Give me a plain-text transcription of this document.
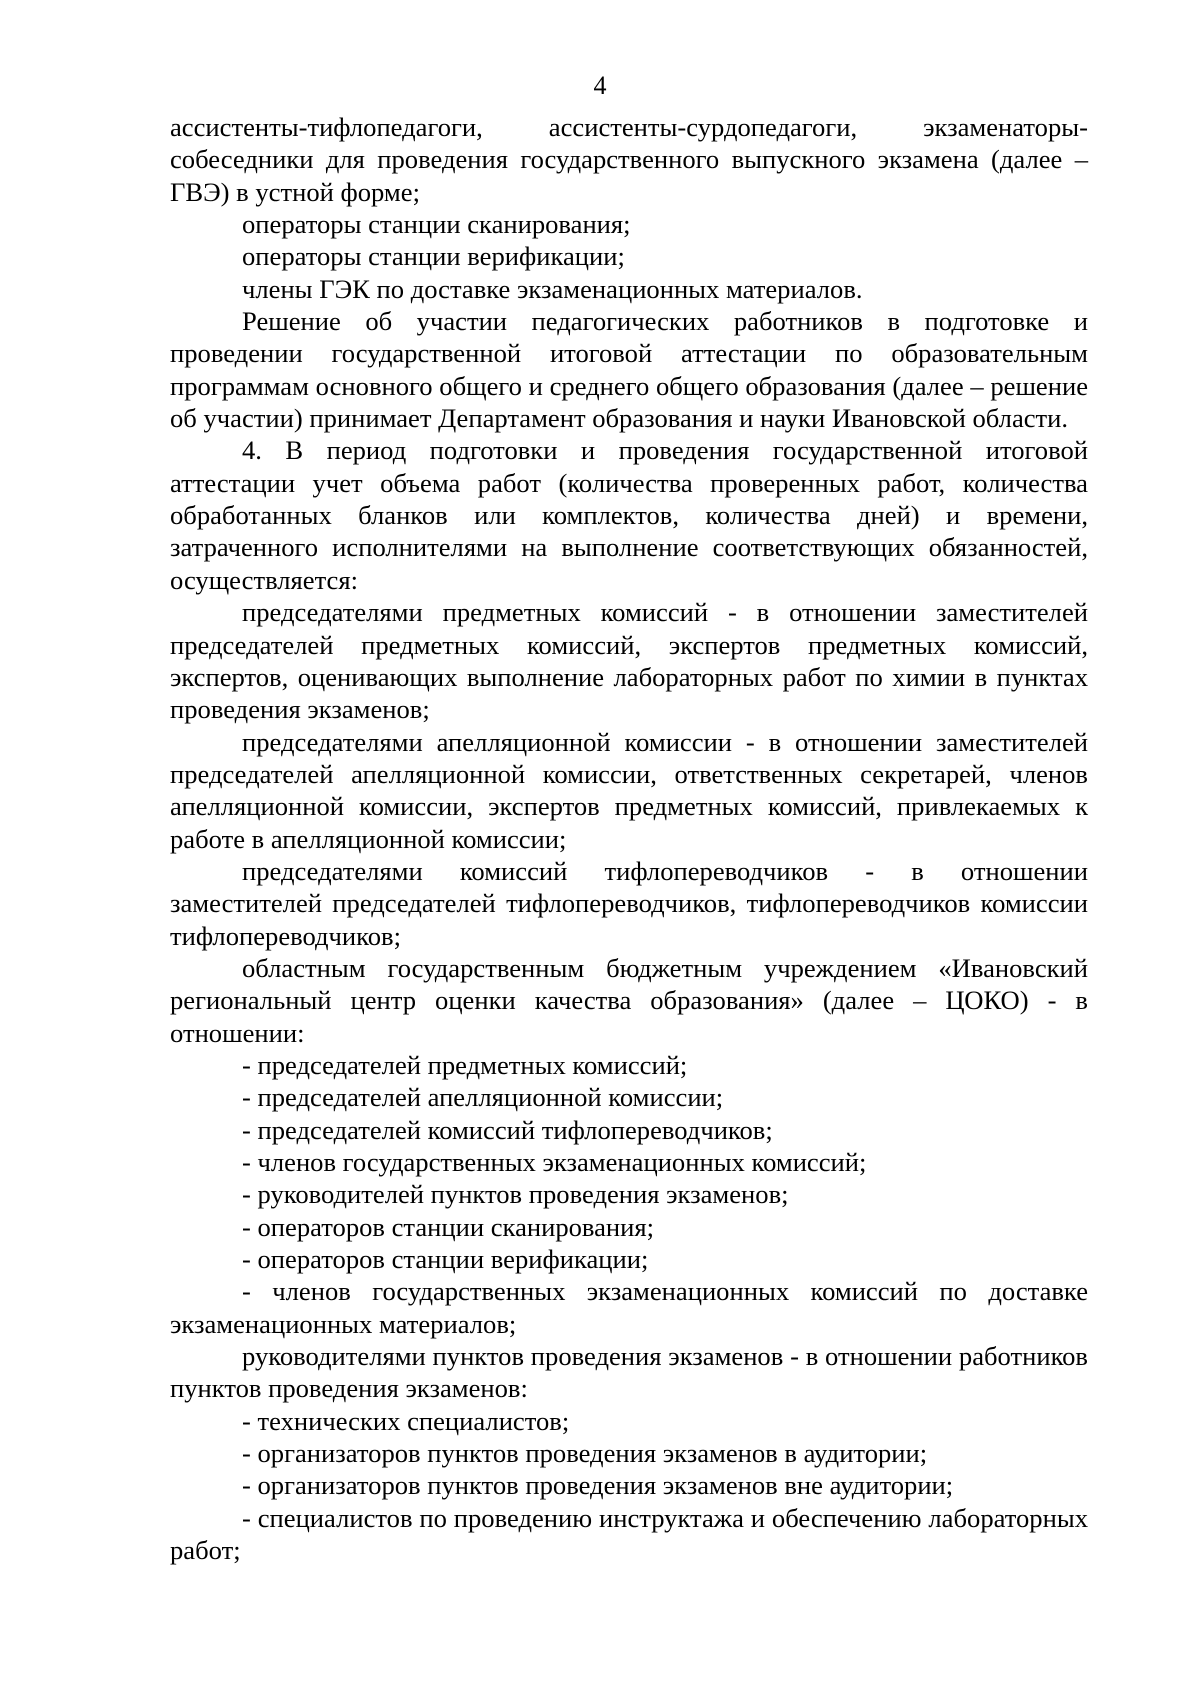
4

ассистенты-тифлопедагоги, ассистенты-сурдопедагоги, экзаменаторы-собеседники для проведения государственного выпускного экзамена (далее – ГВЭ) в устной форме;

операторы станции сканирования;

операторы станции верификации;

члены ГЭК по доставке экзаменационных материалов.

Решение об участии педагогических работников в подготовке и проведении государственной итоговой аттестации по образовательным программам основного общего и среднего общего образования (далее – решение об участии) принимает Департамент образования и науки Ивановской области.

4. В период подготовки и проведения государственной итоговой аттестации учет объема работ (количества проверенных работ, количества обработанных бланков или комплектов, количества дней) и времени, затраченного исполнителями на выполнение соответствующих обязанностей, осуществляется:

председателями предметных комиссий - в отношении заместителей председателей предметных комиссий, экспертов предметных комиссий, экспертов, оценивающих выполнение лабораторных работ по химии в пунктах проведения экзаменов;

председателями апелляционной комиссии - в отношении заместителей председателей апелляционной комиссии, ответственных секретарей, членов апелляционной комиссии, экспертов предметных комиссий, привлекаемых к работе в апелляционной комиссии;

председателями комиссий тифлопереводчиков - в отношении заместителей председателей тифлопереводчиков, тифлопереводчиков комиссии тифлопереводчиков;

областным государственным бюджетным учреждением «Ивановский региональный центр оценки качества образования» (далее – ЦОКО) - в отношении:

- председателей предметных комиссий;

- председателей апелляционной комиссии;

- председателей комиссий тифлопереводчиков;

- членов государственных экзаменационных комиссий;

- руководителей пунктов проведения экзаменов;

- операторов станции сканирования;

- операторов станции верификации;

- членов государственных экзаменационных комиссий по доставке экзаменационных материалов;

руководителями пунктов проведения экзаменов - в отношении работников пунктов проведения экзаменов:

- технических специалистов;

- организаторов пунктов проведения экзаменов в аудитории;

- организаторов пунктов проведения экзаменов вне аудитории;

- специалистов по проведению инструктажа и обеспечению лабораторных работ;
